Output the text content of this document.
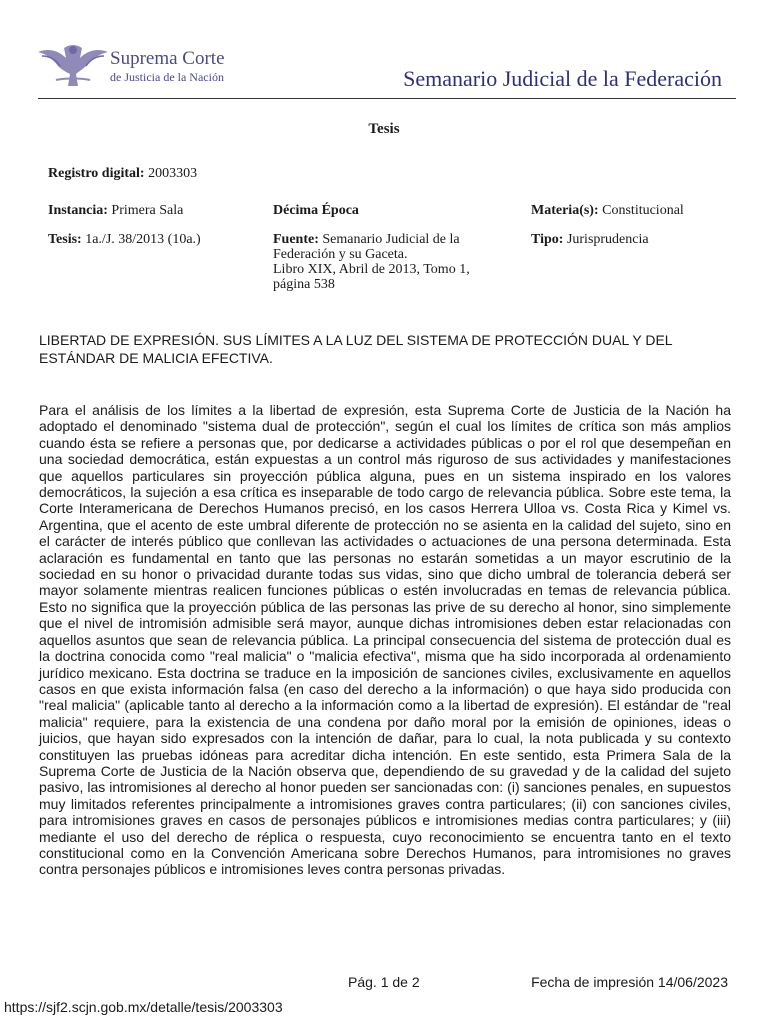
Suprema Corte
de Justicia de la Nación	Semanario Judicial de la Federación
Tesis
Registro digital: 2003303
Instancia: Primera Sala	Décima Época	Materia(s): Constitucional
Tesis: 1a./J. 38/2013 (10a.)	Fuente: Semanario Judicial de la
Federación y su Gaceta.
Libro XIX, Abril de 2013, Tomo 1,
página 538
Tipo: Jurisprudencia
LIBERTAD DE EXPRESIÓN. SUS LÍMITES A LA LUZ DEL SISTEMA DE PROTECCIÓN DUAL Y DEL ESTÁNDAR DE MALICIA EFECTIVA.
Para el análisis de los límites a la libertad de expresión, esta Suprema Corte de Justicia de la Nación ha adoptado el denominado "sistema dual de protección", según el cual los límites de crítica son más amplios cuando ésta se refiere a personas que, por dedicarse a actividades públicas o por el rol que desempeñan en una sociedad democrática, están expuestas a un control más riguroso de sus actividades y manifestaciones que aquellos particulares sin proyección pública alguna, pues en un sistema inspirado en los valores democráticos, la sujeción a esa crítica es inseparable de todo cargo de relevancia pública. Sobre este tema, la Corte Interamericana de Derechos Humanos precisó, en los casos Herrera Ulloa vs. Costa Rica y Kimel vs. Argentina, que el acento de este umbral diferente de protección no se asienta en la calidad del sujeto, sino en el carácter de interés público que conllevan las actividades o actuaciones de una persona determinada. Esta aclaración es fundamental en tanto que las personas no estarán sometidas a un mayor escrutinio de la sociedad en su honor o privacidad durante todas sus vidas, sino que dicho umbral de tolerancia deberá ser mayor solamente mientras realicen funciones públicas o estén involucradas en temas de relevancia pública. Esto no significa que la proyección pública de las personas las prive de su derecho al honor, sino simplemente que el nivel de intromisión admisible será mayor, aunque dichas intromisiones deben estar relacionadas con aquellos asuntos que sean de relevancia pública. La principal consecuencia del sistema de protección dual es la doctrina conocida como "real malicia" o "malicia efectiva", misma que ha sido incorporada al ordenamiento jurídico mexicano. Esta doctrina se traduce en la imposición de sanciones civiles, exclusivamente en aquellos casos en que exista información falsa (en caso del derecho a la información) o que haya sido producida con "real malicia" (aplicable tanto al derecho a la información como a la libertad de expresión). El estándar de "real malicia" requiere, para la existencia de una condena por daño moral por la emisión de opiniones, ideas o juicios, que hayan sido expresados con la intención de dañar, para lo cual, la nota publicada y su contexto constituyen las pruebas idóneas para acreditar dicha intención. En este sentido, esta Primera Sala de la Suprema Corte de Justicia de la Nación observa que, dependiendo de su gravedad y de la calidad del sujeto pasivo, las intromisiones al derecho al honor pueden ser sancionadas con: (i) sanciones penales, en supuestos muy limitados referentes principalmente a intromisiones graves contra particulares; (ii) con sanciones civiles, para intromisiones graves en casos de personajes públicos e intromisiones medias contra particulares; y (iii) mediante el uso del derecho de réplica o respuesta, cuyo reconocimiento se encuentra tanto en el texto constitucional como en la Convención Americana sobre Derechos Humanos, para intromisiones no graves contra personajes públicos e intromisiones leves contra personas privadas.
Pág. 1 de 2	Fecha de impresión 14/06/2023
https://sjf2.scjn.gob.mx/detalle/tesis/2003303
